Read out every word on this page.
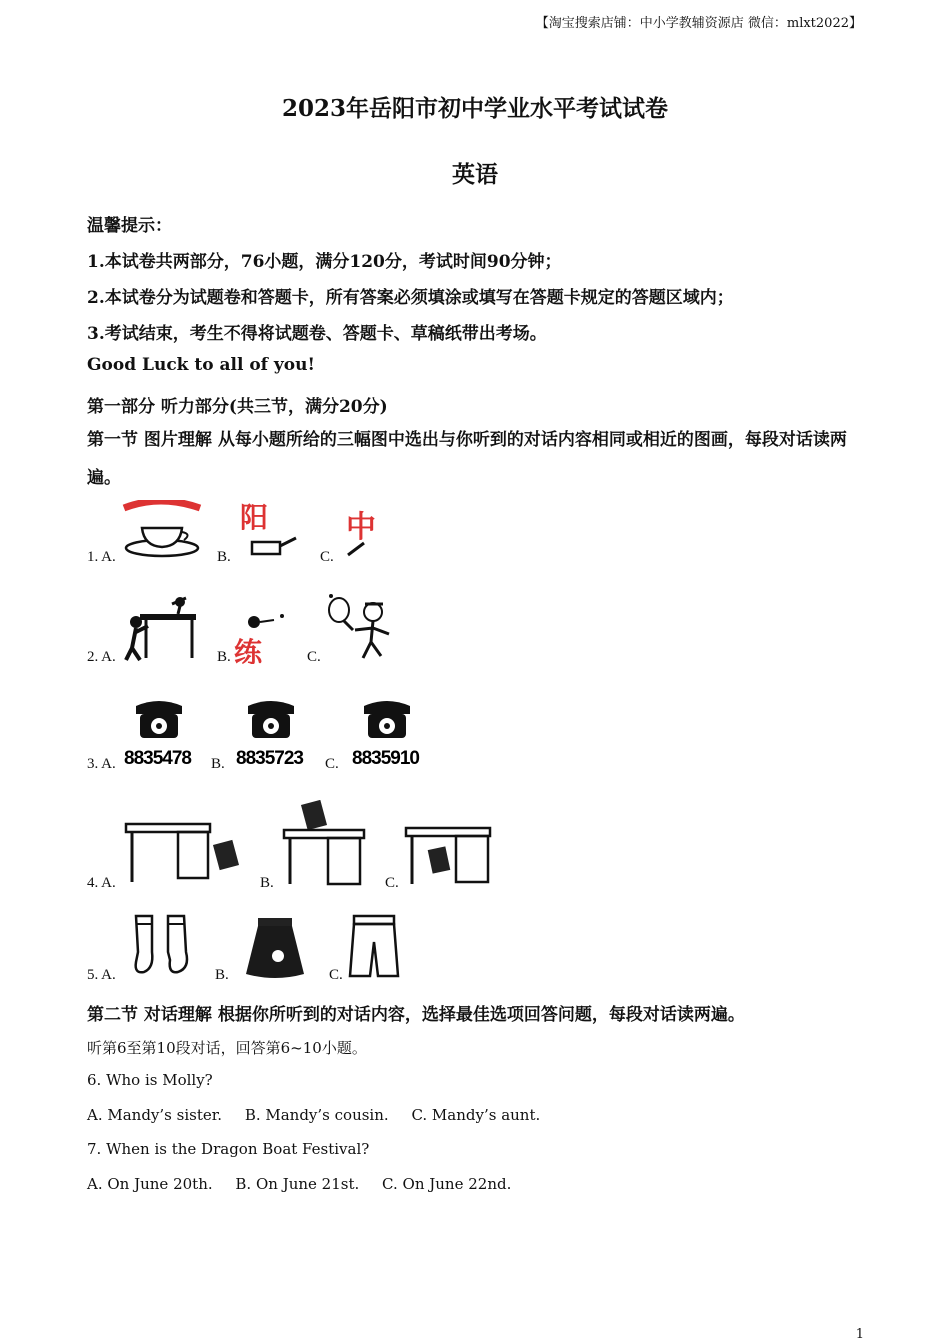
【淘宝搜索店铺：中小学教辅资源店 微信：mlxt2022】
2023年岳阳市初中学业水平考试试卷
英语
温馨提示：
1.本试卷共两部分，76小题，满分120分，考试时间90分钟；
2.本试卷分为试题卷和答题卡，所有答案必须填涂或填写在答题卡规定的答题区域内；
3.考试结束，考生不得将试题卷、答题卡、草稿纸带出考场。
Good Luck to all of you!
第一部分 听力部分(共三节，满分20分)
第一节 图片理解 从每小题所给的三幅图中选出与你听到的对话内容相同或相近的图画，每段对话读两遍。
1. A.	B.	C.
阳	中
2. A.	B.	C.
练
3. A.	B.	C.
8835478 8835723	8835910
4. A.	B.	C.
5. A.	B.	C.
第二节 对话理解 根据你所听到的对话内容，选择最佳选项回答问题，每段对话读两遍。
听第6至第10段对话，回答第6~10小题。
6. Who is Molly?
A. Mandy’s sister. B. Mandy’s cousin. C. Mandy’s aunt.
7. When is the Dragon Boat Festival?
A. On June 20th. B. On June 21st. C. On June 22nd.
1
